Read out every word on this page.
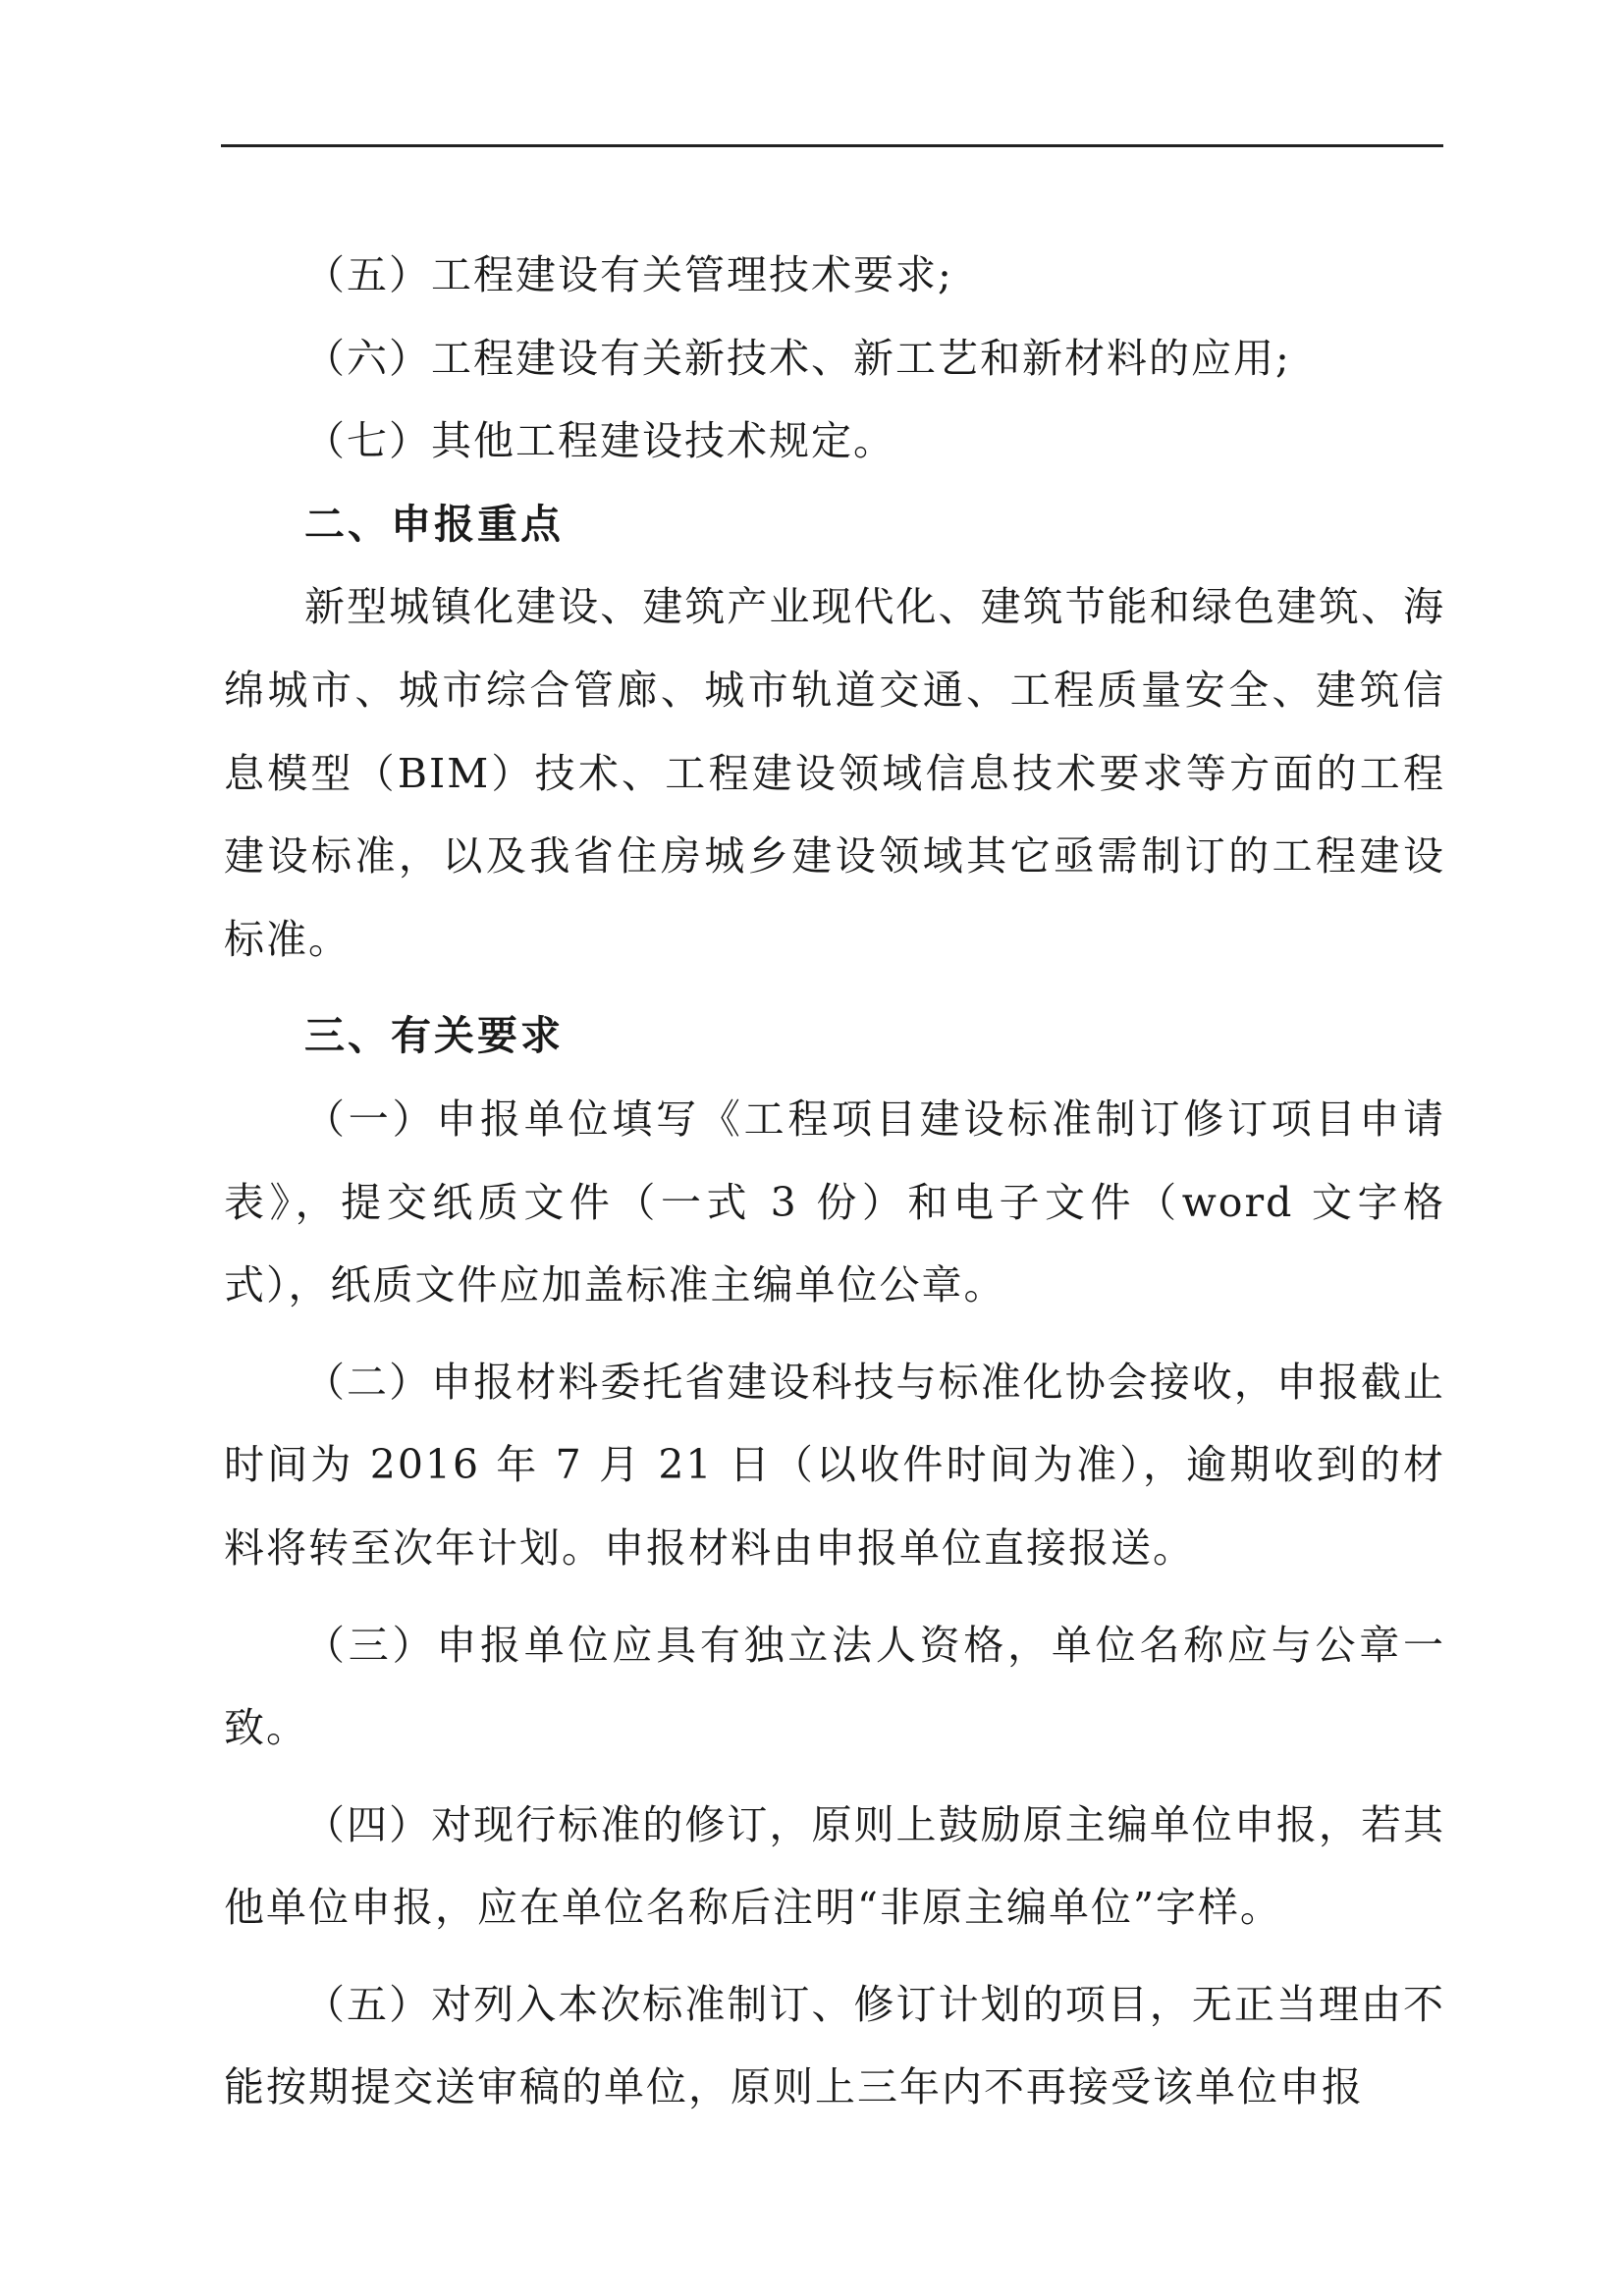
（五）工程建设有关管理技术要求;

（六）工程建设有关新技术、新工艺和新材料的应用;

（七）其他工程建设技术规定。

二、申报重点

新型城镇化建设、建筑产业现代化、建筑节能和绿色建筑、海绵城市、城市综合管廊、城市轨道交通、工程质量安全、建筑信息模型（BIM）技术、工程建设领域信息技术要求等方面的工程建设标准，以及我省住房城乡建设领域其它亟需制订的工程建设标准。

三、有关要求

（一）申报单位填写《工程项目建设标准制订修订项目申请表》，提交纸质文件（一式 3 份）和电子文件（word 文字格式），纸质文件应加盖标准主编单位公章。

（二）申报材料委托省建设科技与标准化协会接收，申报截止时间为 2016 年 7 月 21 日（以收件时间为准），逾期收到的材料将转至次年计划。申报材料由申报单位直接报送。

（三）申报单位应具有独立法人资格，单位名称应与公章一致。

（四）对现行标准的修订，原则上鼓励原主编单位申报，若其他单位申报，应在单位名称后注明“非原主编单位”字样。

（五）对列入本次标准制订、修订计划的项目，无正当理由不能按期提交送审稿的单位，原则上三年内不再接受该单位申报
